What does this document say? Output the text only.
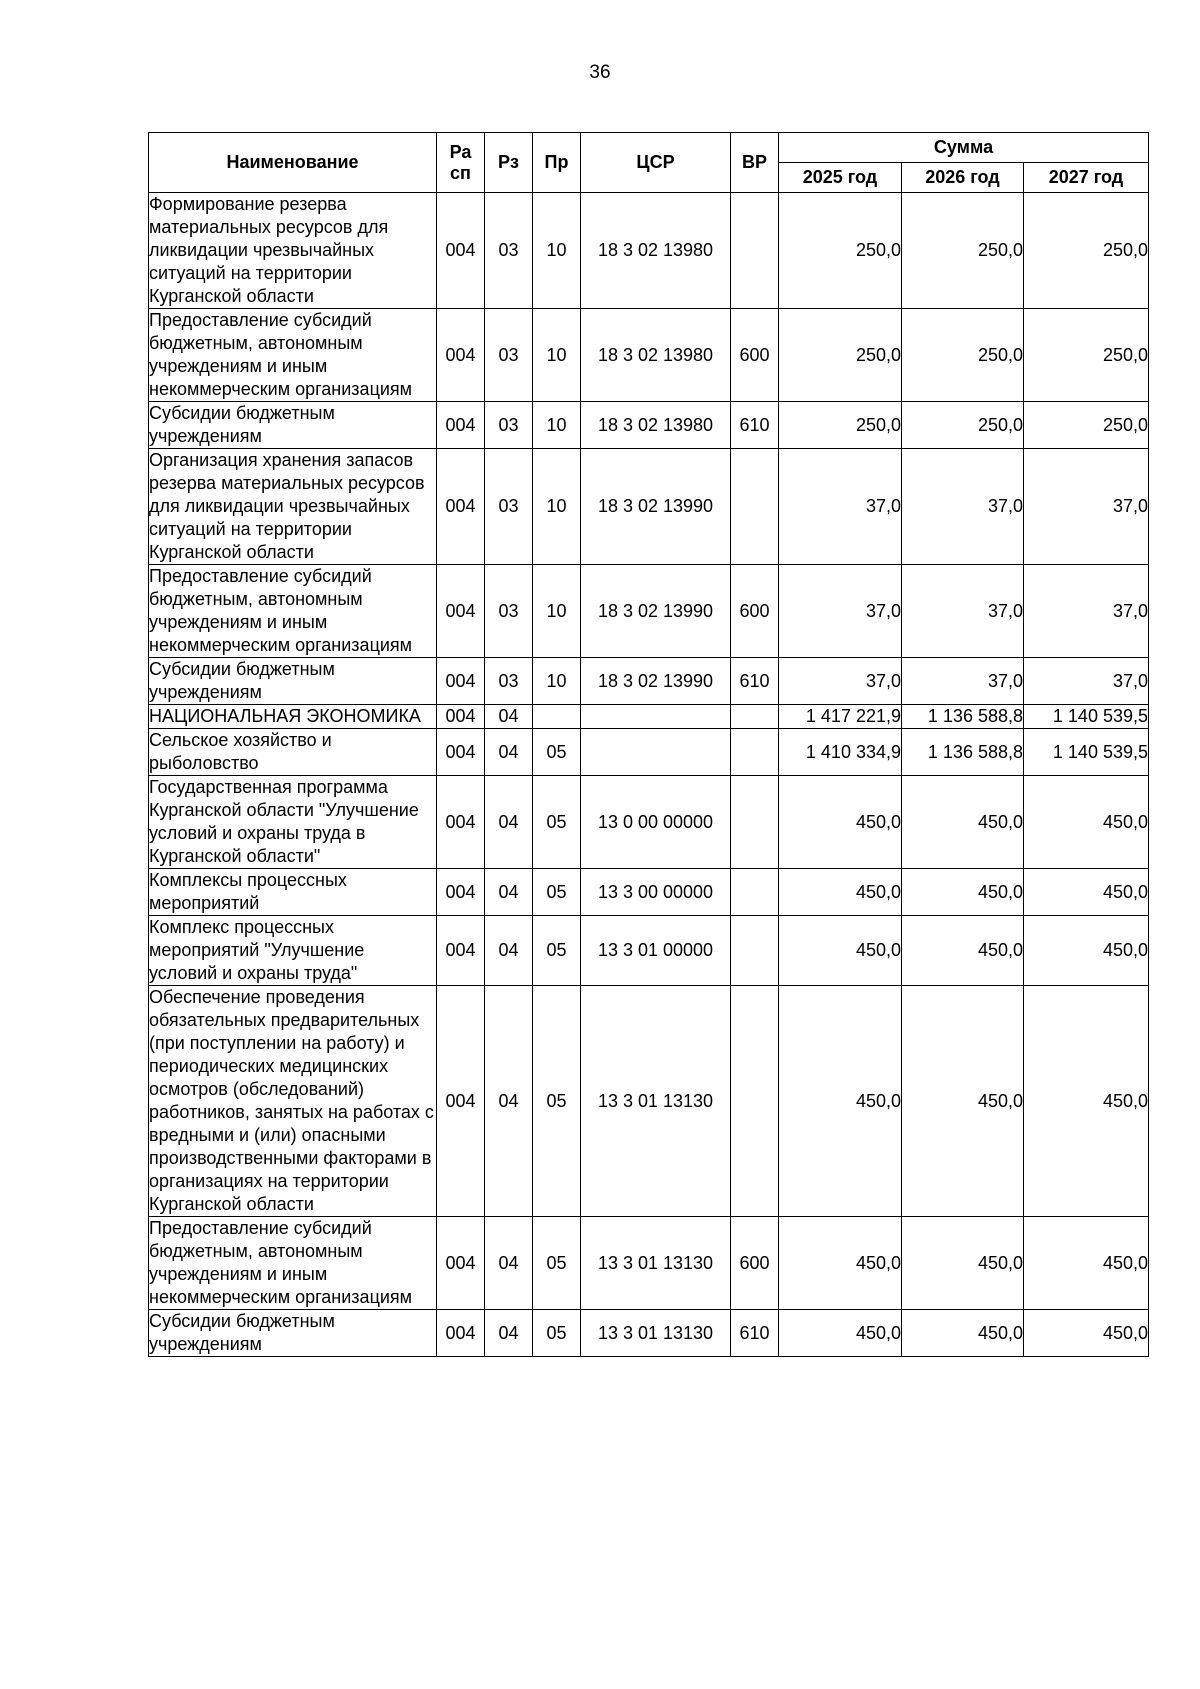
36
Наименование	Ра сп	Рз	Пр	ЦСР	ВР	Сумма		
						2025 год	2026 год	2027 год
Формирование резерва материальных ресурсов для ликвидации чрезвычайных ситуаций на территории Курганской области	004	03	10	18 3 02 13980		250,0	250,0	250,0
Предоставление субсидий бюджетным, автономным учреждениям и иным некоммерческим организациям	004	03	10	18 3 02 13980	600	250,0	250,0	250,0
Субсидии бюджетным учреждениям	004	03	10	18 3 02 13980	610	250,0	250,0	250,0
Организация хранения запасов резерва материальных ресурсов для ликвидации чрезвычайных ситуаций на территории Курганской области	004	03	10	18 3 02 13990		37,0	37,0	37,0
Предоставление субсидий бюджетным, автономным учреждениям и иным некоммерческим организациям	004	03	10	18 3 02 13990	600	37,0	37,0	37,0
Субсидии бюджетным учреждениям	004	03	10	18 3 02 13990	610	37,0	37,0	37,0
НАЦИОНАЛЬНАЯ ЭКОНОМИКА	004	04				1 417 221,9	1 136 588,8	1 140 539,5
Сельское хозяйство и рыболовство	004	04	05			1 410 334,9	1 136 588,8	1 140 539,5
Государственная программа Курганской области "Улучшение условий и охраны труда в Курганской области"	004	04	05	13 0 00 00000		450,0	450,0	450,0
Комплексы процессных мероприятий	004	04	05	13 3 00 00000		450,0	450,0	450,0
Комплекс процессных мероприятий "Улучшение условий и охраны труда"	004	04	05	13 3 01 00000		450,0	450,0	450,0
Обеспечение проведения обязательных предварительных (при поступлении на работу) и периодических медицинских осмотров (обследований) работников, занятых на работах с вредными и (или) опасными производственными факторами в организациях на территории Курганской области	004	04	05	13 3 01 13130		450,0	450,0	450,0
Предоставление субсидий бюджетным, автономным учреждениям и иным некоммерческим организациям	004	04	05	13 3 01 13130	600	450,0	450,0	450,0
Субсидии бюджетным учреждениям	004	04	05	13 3 01 13130	610	450,0	450,0	450,0
